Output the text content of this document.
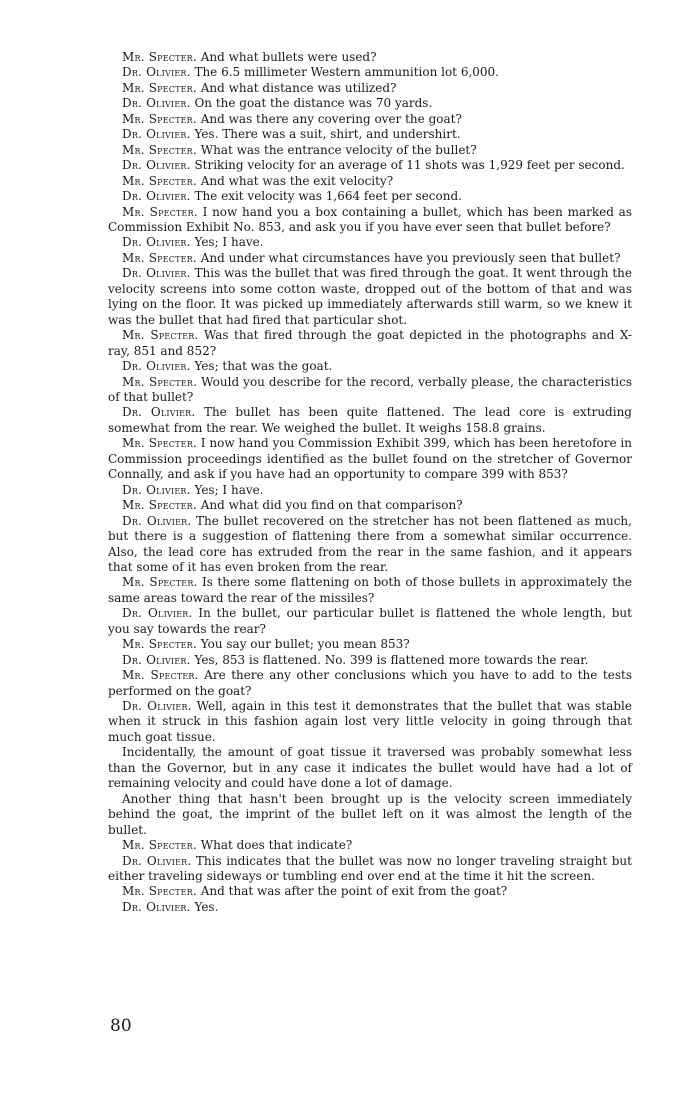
Mr. Specter. And what bullets were used?

Dr. Olivier. The 6.5 millimeter Western ammunition lot 6,000.

Mr. Specter. And what distance was utilized?

Dr. Olivier. On the goat the distance was 70 yards.

Mr. Specter. And was there any covering over the goat?

Dr. Olivier. Yes. There was a suit, shirt, and undershirt.

Mr. Specter. What was the entrance velocity of the bullet?

Dr. Olivier. Striking velocity for an average of 11 shots was 1,929 feet per second.

Mr. Specter. And what was the exit velocity?

Dr. Olivier. The exit velocity was 1,664 feet per second.

Mr. Specter. I now hand you a box containing a bullet, which has been marked as Commission Exhibit No. 853, and ask you if you have ever seen that bullet before?

Dr. Olivier. Yes; I have.

Mr. Specter. And under what circumstances have you previously seen that bullet?

Dr. Olivier. This was the bullet that was fired through the goat. It went through the velocity screens into some cotton waste, dropped out of the bottom of that and was lying on the floor. It was picked up immediately afterwards still warm, so we knew it was the bullet that had fired that particular shot.

Mr. Specter. Was that fired through the goat depicted in the photographs and X-ray, 851 and 852?

Dr. Olivier. Yes; that was the goat.

Mr. Specter. Would you describe for the record, verbally please, the characteristics of that bullet?

Dr. Olivier. The bullet has been quite flattened. The lead core is extruding somewhat from the rear. We weighed the bullet. It weighs 158.8 grains.

Mr. Specter. I now hand you Commission Exhibit 399, which has been heretofore in Commission proceedings identified as the bullet found on the stretcher of Governor Connally, and ask if you have had an opportunity to compare 399 with 853?

Dr. Olivier. Yes; I have.

Mr. Specter. And what did you find on that comparison?

Dr. Olivier. The bullet recovered on the stretcher has not been flattened as much, but there is a suggestion of flattening there from a somewhat similar occurrence. Also, the lead core has extruded from the rear in the same fashion, and it appears that some of it has even broken from the rear.

Mr. Specter. Is there some flattening on both of those bullets in approximately the same areas toward the rear of the missiles?

Dr. Olivier. In the bullet, our particular bullet is flattened the whole length, but you say towards the rear?

Mr. Specter. You say our bullet; you mean 853?

Dr. Olivier. Yes, 853 is flattened. No. 399 is flattened more towards the rear.

Mr. Specter. Are there any other conclusions which you have to add to the tests performed on the goat?

Dr. Olivier. Well, again in this test it demonstrates that the bullet that was stable when it struck in this fashion again lost very little velocity in going through that much goat tissue.

Incidentally, the amount of goat tissue it traversed was probably somewhat less than the Governor, but in any case it indicates the bullet would have had a lot of remaining velocity and could have done a lot of damage.

Another thing that hasn't been brought up is the velocity screen immediately behind the goat, the imprint of the bullet left on it was almost the length of the bullet.

Mr. Specter. What does that indicate?

Dr. Olivier. This indicates that the bullet was now no longer traveling straight but either traveling sideways or tumbling end over end at the time it hit the screen.

Mr. Specter. And that was after the point of exit from the goat?

Dr. Olivier. Yes.

80
